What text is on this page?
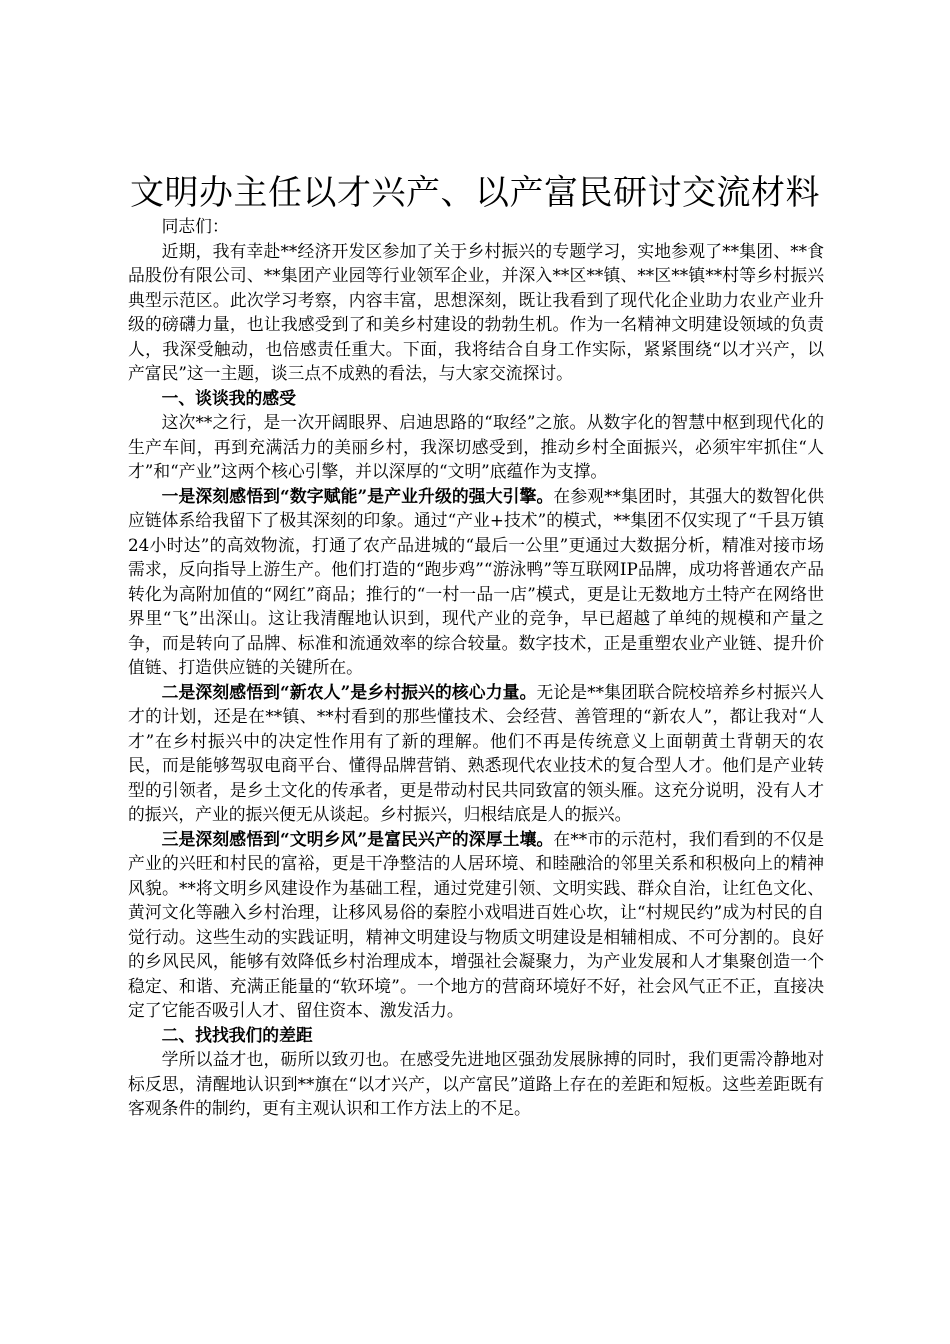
文明办主任以才兴产、以产富民研讨交流材料

同志们：

近期，我有幸赴**经济开发区参加了关于乡村振兴的专题学习，实地参观了**集团、**食品股份有限公司、**集团产业园等行业领军企业，并深入**区**镇、**区**镇**村等乡村振兴典型示范区。此次学习考察，内容丰富，思想深刻，既让我看到了现代化企业助力农业产业升级的磅礴力量，也让我感受到了和美乡村建设的勃勃生机。作为一名精神文明建设领域的负责人，我深受触动，也倍感责任重大。下面，我将结合自身工作实际，紧紧围绕“以才兴产，以产富民”这一主题，谈三点不成熟的看法，与大家交流探讨。

一、谈谈我的感受

这次**之行，是一次开阔眼界、启迪思路的“取经”之旅。从数字化的智慧中枢到现代化的生产车间，再到充满活力的美丽乡村，我深切感受到，推动乡村全面振兴，必须牢牢抓住“人才”和“产业”这两个核心引擎，并以深厚的“文明”底蕴作为支撑。

一是深刻感悟到“数字赋能”是产业升级的强大引擎。在参观**集团时，其强大的数智化供应链体系给我留下了极其深刻的印象。通过“产业+技术”的模式，**集团不仅实现了“千县万镇24小时达”的高效物流，打通了农产品进城的“最后一公里”更通过大数据分析，精准对接市场需求，反向指导上游生产。他们打造的“跑步鸡”“游泳鸭”等互联网IP品牌，成功将普通农产品转化为高附加值的“网红”商品；推行的“一村一品一店”模式，更是让无数地方土特产在网络世界里“飞”出深山。这让我清醒地认识到，现代产业的竞争，早已超越了单纯的规模和产量之争，而是转向了品牌、标准和流通效率的综合较量。数字技术，正是重塑农业产业链、提升价值链、打造供应链的关键所在。

二是深刻感悟到“新农人”是乡村振兴的核心力量。无论是**集团联合院校培养乡村振兴人才的计划，还是在**镇、**村看到的那些懂技术、会经营、善管理的“新农人”，都让我对“人才”在乡村振兴中的决定性作用有了新的理解。他们不再是传统意义上面朝黄土背朝天的农民，而是能够驾驭电商平台、懂得品牌营销、熟悉现代农业技术的复合型人才。他们是产业转型的引领者，是乡土文化的传承者，更是带动村民共同致富的领头雁。这充分说明，没有人才的振兴，产业的振兴便无从谈起。乡村振兴，归根结底是人的振兴。

三是深刻感悟到“文明乡风”是富民兴产的深厚土壤。在**市的示范村，我们看到的不仅是产业的兴旺和村民的富裕，更是干净整洁的人居环境、和睦融洽的邻里关系和积极向上的精神风貌。**将文明乡风建设作为基础工程，通过党建引领、文明实践、群众自治，让红色文化、黄河文化等融入乡村治理，让移风易俗的秦腔小戏唱进百姓心坎，让“村规民约”成为村民的自觉行动。这些生动的实践证明，精神文明建设与物质文明建设是相辅相成、不可分割的。良好的乡风民风，能够有效降低乡村治理成本，增强社会凝聚力，为产业发展和人才集聚创造一个稳定、和谐、充满正能量的“软环境”。一个地方的营商环境好不好，社会风气正不正，直接决定了它能否吸引人才、留住资本、激发活力。

二、找找我们的差距

学所以益才也，砺所以致刃也。在感受先进地区强劲发展脉搏的同时，我们更需冷静地对标反思，清醒地认识到**旗在“以才兴产，以产富民”道路上存在的差距和短板。这些差距既有客观条件的制约，更有主观认识和工作方法上的不足。
